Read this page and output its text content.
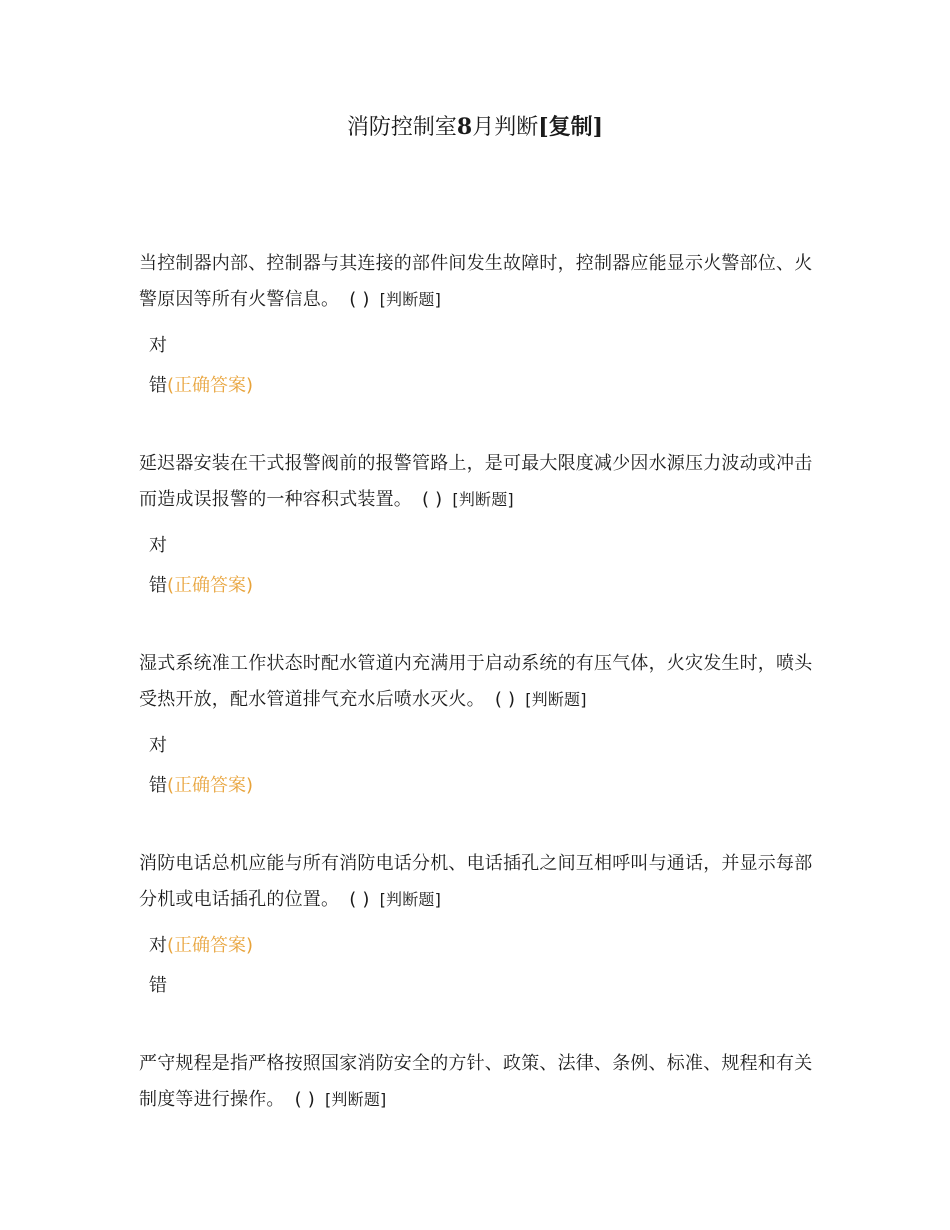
消防控制室8月判断[复制]

当控制器内部、控制器与其连接的部件间发生故障时，控制器应能显示火警部位、火警原因等所有火警信息。 ( ) [判断题]

对
错(正确答案)

延迟器安装在干式报警阀前的报警管路上，是可最大限度减少因水源压力波动或冲击而造成误报警的一种容积式装置。 ( ) [判断题]

对
错(正确答案)

湿式系统准工作状态时配水管道内充满用于启动系统的有压气体，火灾发生时，喷头受热开放，配水管道排气充水后喷水灭火。 ( ) [判断题]

对
错(正确答案)

消防电话总机应能与所有消防电话分机、电话插孔之间互相呼叫与通话，并显示每部分机或电话插孔的位置。 ( ) [判断题]

对(正确答案)
错

严守规程是指严格按照国家消防安全的方针、政策、法律、条例、标准、规程和有关制度等进行操作。 ( ) [判断题]
